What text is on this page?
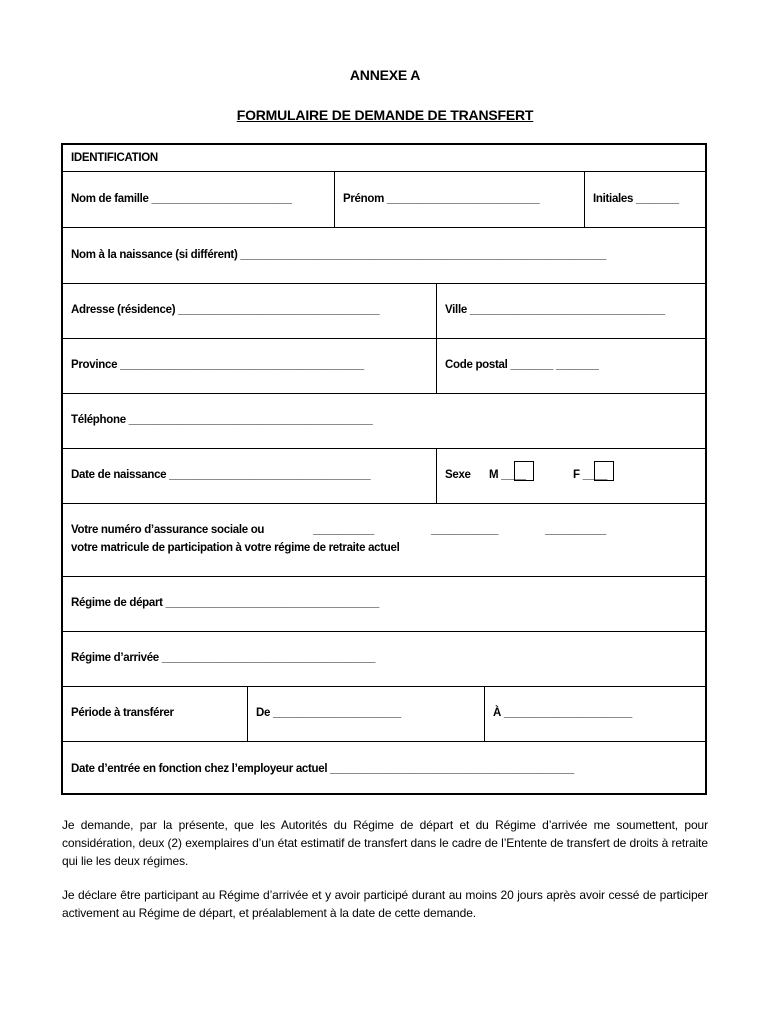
ANNEXE A
FORMULAIRE DE DEMANDE DE TRANSFERT
IDENTIFICATION
Nom de famille _______________________	Prénom _________________________	Initiales _______
Nom à la naissance (si différent) ____________________________________________________________
Adresse (résidence) _________________________________	Ville ________________________________
Province ________________________________________	Code postal _______ _______
Téléphone ________________________________________
Date de naissance _________________________________	Sexe M ____	F ____
Votre numéro d’assurance sociale ou
votre matricule de participation à votre régime de retraite actuel
__________	___________	__________
Régime de départ ___________________________________
Régime d’arrivée ___________________________________
Période à transférer	De _____________________	À _____________________
Date d’entrée en fonction chez l’employeur actuel ________________________________________
Je demande, par la présente, que les Autorités du Régime de départ et du Régime d’arrivée me soumettent, pour considération, deux (2) exemplaires d’un état estimatif de transfert dans le cadre de l’Entente de transfert de droits à retraite qui lie les deux régimes.
Je déclare être participant au Régime d’arrivée et y avoir participé durant au moins 20 jours après avoir cessé de participer activement au Régime de départ, et préalablement à la date de cette demande.
